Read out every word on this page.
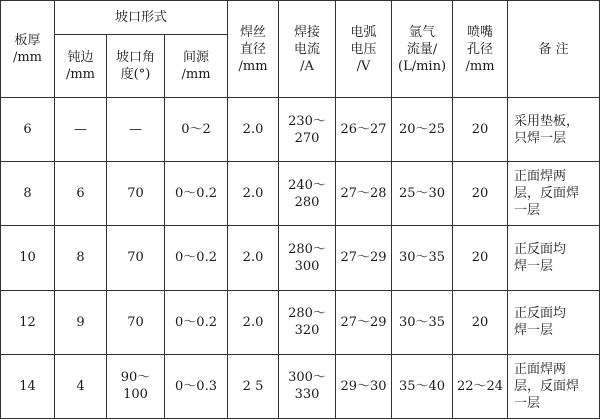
板厚
/mm	坡口形式			焊丝
直径
/mm	焊接
电流
/A	电弧
电压
/V	氩气
流量/
(L/min)	喷嘴
孔径
/mm	备 注
	钝边
/mm	坡口角
度(°)	间源
/mm						
6	—	—	0～2	2.0	230～
270	26～27	20～25	20	采用垫板，
只焊一层
8	6	70	0～0.2	2.0	240～
280	27～28	25～30	20	正面焊两
层，反面焊
一层
10	8	70	0～0.2	2.0	280～
300	27～29	30～35	20	正反面均
焊一层
12	9	70	0～0.2	2.0	280～
320	27～29	30～35	20	正反面均
焊一层
14	4	90～
100	0～0.3	2 5	300～
330	29～30	35～40	22～24	正面焊两
层，反面焊
一层
